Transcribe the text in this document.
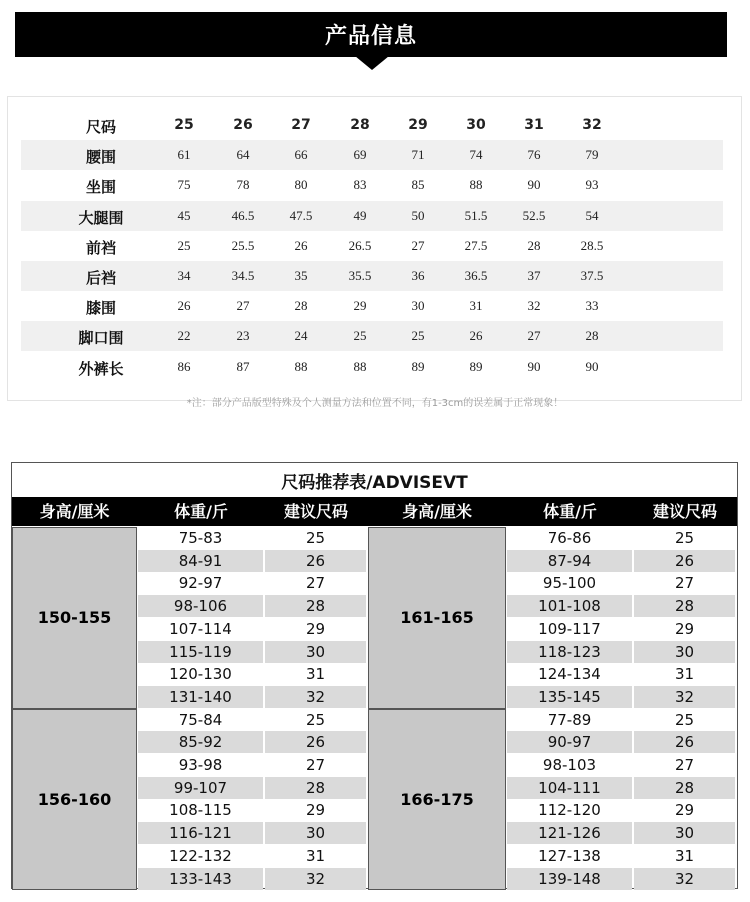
产品信息
尺码	25	26	27	28	29	30	31	32
腰围	61	64	66	69	71	74	76	79
坐围	75	78	80	83	85	88	90	93
大腿围	45	46.5	47.5	49	50	51.5	52.5	54
前裆	25	25.5	26	26.5	27	27.5	28	28.5
后裆	34	34.5	35	35.5	36	36.5	37	37.5
膝围	26	27	28	29	30	31	32	33
脚口围	22	23	24	25	25	26	27	28
外裤长	86	87	88	88	89	89	90	90
*注：部分产品版型特殊及个人测量方法和位置不同，有1-3cm的误差属于正常现象！
尺码推荐表/ADVISEVT
身高/厘米	体重/斤	建议尺码	身高/厘米	体重/斤	建议尺码
150-155
75-83	25
84-91	26
92-97	27
98-106	28
107-114	29
115-119	30
120-130	31
131-140	32
161-165
76-86	25
87-94	26
95-100	27
101-108	28
109-117	29
118-123	30
124-134	31
135-145	32
156-160
75-84	25
85-92	26
93-98	27
99-107	28
108-115	29
116-121	30
122-132	31
133-143	32
166-175
77-89	25
90-97	26
98-103	27
104-111	28
112-120	29
121-126	30
127-138	31
139-148	32
